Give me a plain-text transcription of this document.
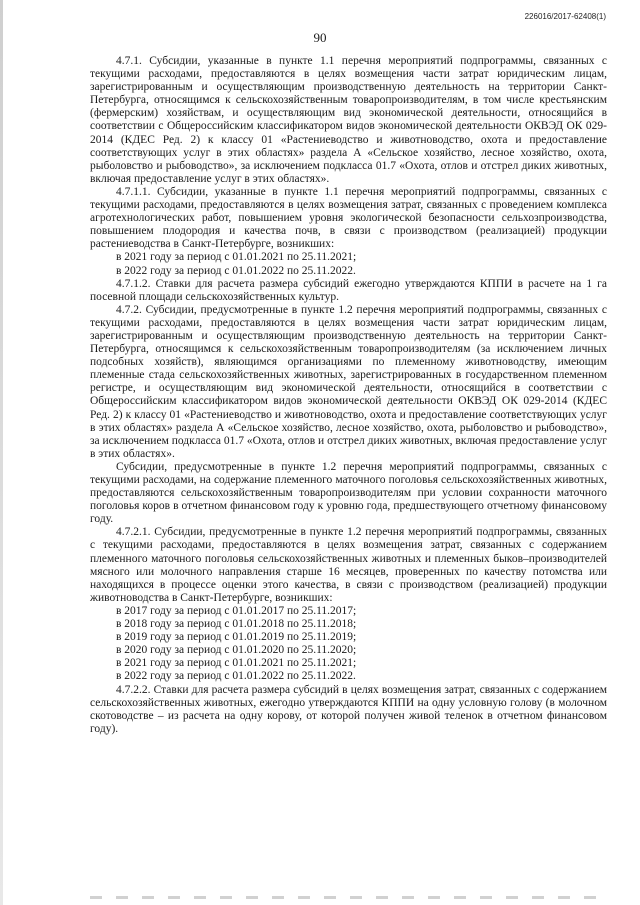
226016/2017-62408(1)
90

4.7.1. Субсидии, указанные в пункте 1.1 перечня мероприятий подпрограммы, связанных с текущими расходами, предоставляются в целях возмещения части затрат юридическим лицам, зарегистрированным и осуществляющим производственную деятельность на территории Санкт-Петербурга, относящимся к сельскохозяйственным товаропроизводителям, в том числе крестьянским (фермерским) хозяйствам, и осуществляющим вид экономической деятельности, относящийся в соответствии с Общероссийским классификатором видов экономической деятельности ОКВЭД ОК 029-2014 (КДЕС Ред. 2) к классу 01 «Растениеводство и животноводство, охота и предоставление соответствующих услуг в этих областях» раздела А «Сельское хозяйство, лесное хозяйство, охота, рыболовство и рыбоводство», за исключением подкласса 01.7 «Охота, отлов и отстрел диких животных, включая предоставление услуг в этих областях».

4.7.1.1. Субсидии, указанные в пункте 1.1 перечня мероприятий подпрограммы, связанных с текущими расходами, предоставляются в целях возмещения затрат, связанных с проведением комплекса агротехнологических работ, повышением уровня экологической безопасности сельхозпроизводства, повышением плодородия и качества почв, в связи с производством (реализацией) продукции растениеводства в Санкт-Петербурге, возникших:

в 2021 году за период с 01.01.2021 по 25.11.2021;

в 2022 году за период с 01.01.2022 по 25.11.2022.

4.7.1.2. Ставки для расчета размера субсидий ежегодно утверждаются КППИ в расчете на 1 га посевной площади сельскохозяйственных культур.

4.7.2. Субсидии, предусмотренные в пункте 1.2 перечня мероприятий подпрограммы, связанных с текущими расходами, предоставляются в целях возмещения части затрат юридическим лицам, зарегистрированным и осуществляющим производственную деятельность на территории Санкт-Петербурга, относящимся к сельскохозяйственным товаропроизводителям (за исключением личных подсобных хозяйств), являющимся организациями по племенному животноводству, имеющим племенные стада сельскохозяйственных животных, зарегистрированных в государственном племенном регистре, и осуществляющим вид экономической деятельности, относящийся в соответствии с Общероссийским классификатором видов экономической деятельности ОКВЭД ОК 029-2014 (КДЕС Ред. 2) к классу 01 «Растениеводство и животноводство, охота и предоставление соответствующих услуг в этих областях» раздела А «Сельское хозяйство, лесное хозяйство, охота, рыболовство и рыбоводство», за исключением подкласса 01.7 «Охота, отлов и отстрел диких животных, включая предоставление услуг в этих областях».

Субсидии, предусмотренные в пункте 1.2 перечня мероприятий подпрограммы, связанных с текущими расходами, на содержание племенного маточного поголовья сельскохозяйственных животных, предоставляются сельскохозяйственным товаропроизводителям при условии сохранности маточного поголовья коров в отчетном финансовом году к уровню года, предшествующего отчетному финансовому году.

4.7.2.1. Субсидии, предусмотренные в пункте 1.2 перечня мероприятий подпрограммы, связанных с текущими расходами, предоставляются в целях возмещения затрат, связанных с содержанием племенного маточного поголовья сельскохозяйственных животных и племенных быков–производителей мясного или молочного направления старше 16 месяцев, проверенных по качеству потомства или находящихся в процессе оценки этого качества, в связи с производством (реализацией) продукции животноводства в Санкт-Петербурге, возникших:

в 2017 году за период с 01.01.2017 по 25.11.2017;

в 2018 году за период с 01.01.2018 по 25.11.2018;

в 2019 году за период с 01.01.2019 по 25.11.2019;

в 2020 году за период с 01.01.2020 по 25.11.2020;

в 2021 году за период с 01.01.2021 по 25.11.2021;

в 2022 году за период с 01.01.2022 по 25.11.2022.

4.7.2.2. Ставки для расчета размера субсидий в целях возмещения затрат, связанных с содержанием сельскохозяйственных животных, ежегодно утверждаются КППИ на одну условную голову (в молочном скотоводстве – из расчета на одну корову, от которой получен живой теленок в отчетном финансовом году).
